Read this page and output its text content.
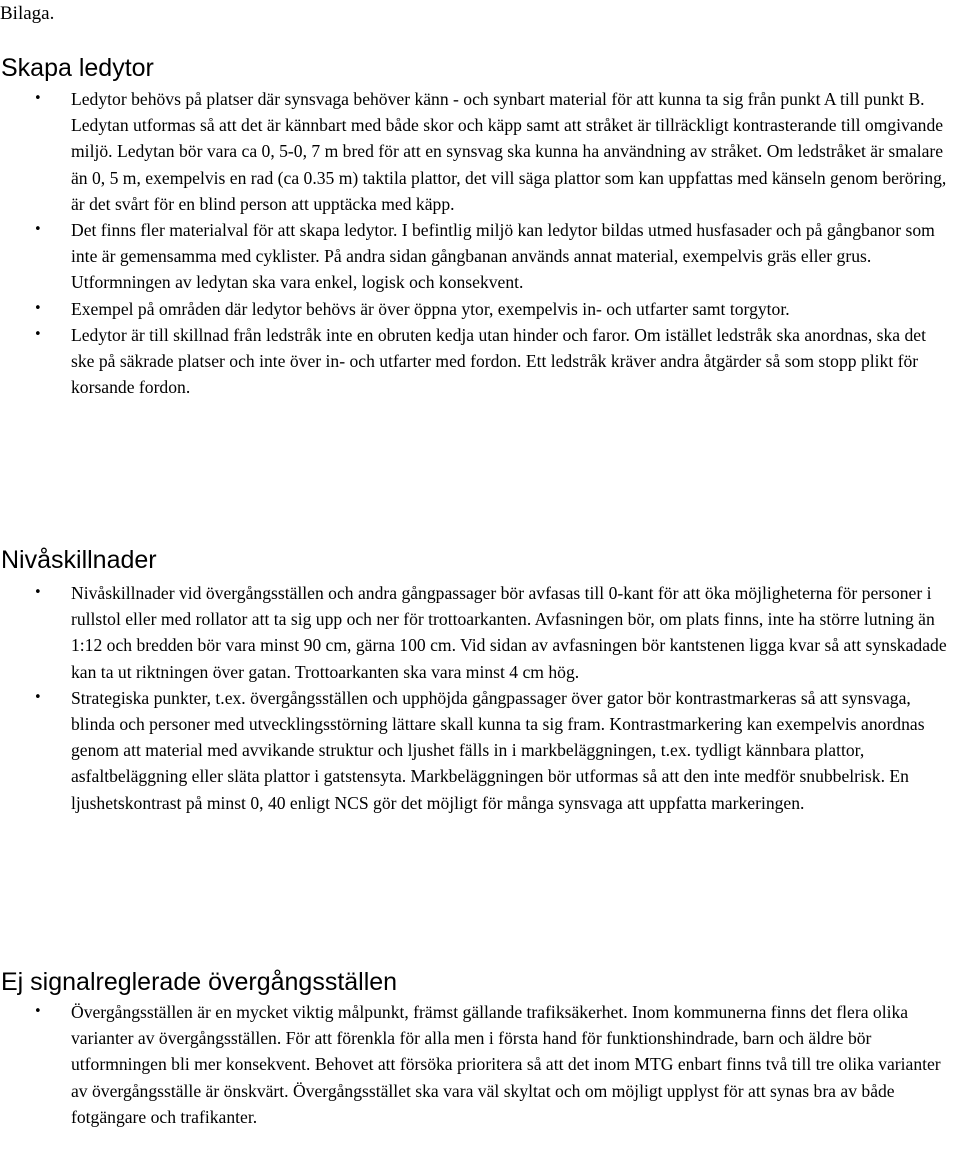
Bilaga.

Skapa ledytor
• Ledytor behövs på platser där synsvaga behöver känn - och synbart material för att kunna ta sig från punkt A till punkt B. Ledytan utformas så att det är kännbart med både skor och käpp samt att stråket är tillräckligt kontrasterande till omgivande miljö. Ledytan bör vara ca 0, 5-0, 7 m bred för att en synsvag ska kunna ha användning av stråket. Om ledstråket är smalare än 0, 5 m, exempelvis en rad (ca 0.35 m) taktila plattor, det vill säga plattor som kan uppfattas med känseln genom beröring, är det svårt för en blind person att upptäcka med käpp.
• Det finns fler materialval för att skapa ledytor. I befintlig miljö kan ledytor bildas utmed husfasader och på gångbanor som inte är gemensamma med cyklister. På andra sidan gångbanan används annat material, exempelvis gräs eller grus. Utformningen av ledytan ska vara enkel, logisk och konsekvent.
• Exempel på områden där ledytor behövs är över öppna ytor, exempelvis in- och utfarter samt torgytor.
• Ledytor är till skillnad från ledstråk inte en obruten kedja utan hinder och faror. Om istället ledstråk ska anordnas, ska det ske på säkrade platser och inte över in- och utfarter med fordon. Ett ledstråk kräver andra åtgärder så som stopp plikt för korsande fordon.
Nivåskillnader
• Nivåskillnader vid övergångsställen och andra gångpassager bör avfasas till 0-kant för att öka möjligheterna för personer i rullstol eller med rollator att ta sig upp och ner för trottoarkanten. Avfasningen bör, om plats finns, inte ha större lutning än 1:12 och bredden bör vara minst 90 cm, gärna 100 cm. Vid sidan av avfasningen bör kantstenen ligga kvar så att synskadade kan ta ut riktningen över gatan. Trottoarkanten ska vara minst 4 cm hög.
• Strategiska punkter, t.ex. övergångsställen och upphöjda gångpassager över gator bör kontrastmarkeras så att synsvaga, blinda och personer med utvecklingsstörning lättare skall kunna ta sig fram. Kontrastmarkering kan exempelvis anordnas genom att material med avvikande struktur och ljushet fälls in i markbeläggningen, t.ex. tydligt kännbara plattor, asfaltbeläggning eller släta plattor i gatstensyta. Markbeläggningen bör utformas så att den inte medför snubbelrisk. En ljushetskontrast på minst 0, 40 enligt NCS gör det möjligt för många synsvaga att uppfatta markeringen.
Ej signalreglerade övergångsställen
• Övergångsställen är en mycket viktig målpunkt, främst gällande trafiksäkerhet. Inom kommunerna finns det flera olika varianter av övergångsställen. För att förenkla för alla men i första hand för funktionshindrade, barn och äldre bör utformningen bli mer konsekvent. Behovet att försöka prioritera så att det inom MTG enbart finns två till tre olika varianter av övergångsställe är önskvärt. Övergångsstället ska vara väl skyltat och om möjligt upplyst för att synas bra av både fotgängare och trafikanter.
